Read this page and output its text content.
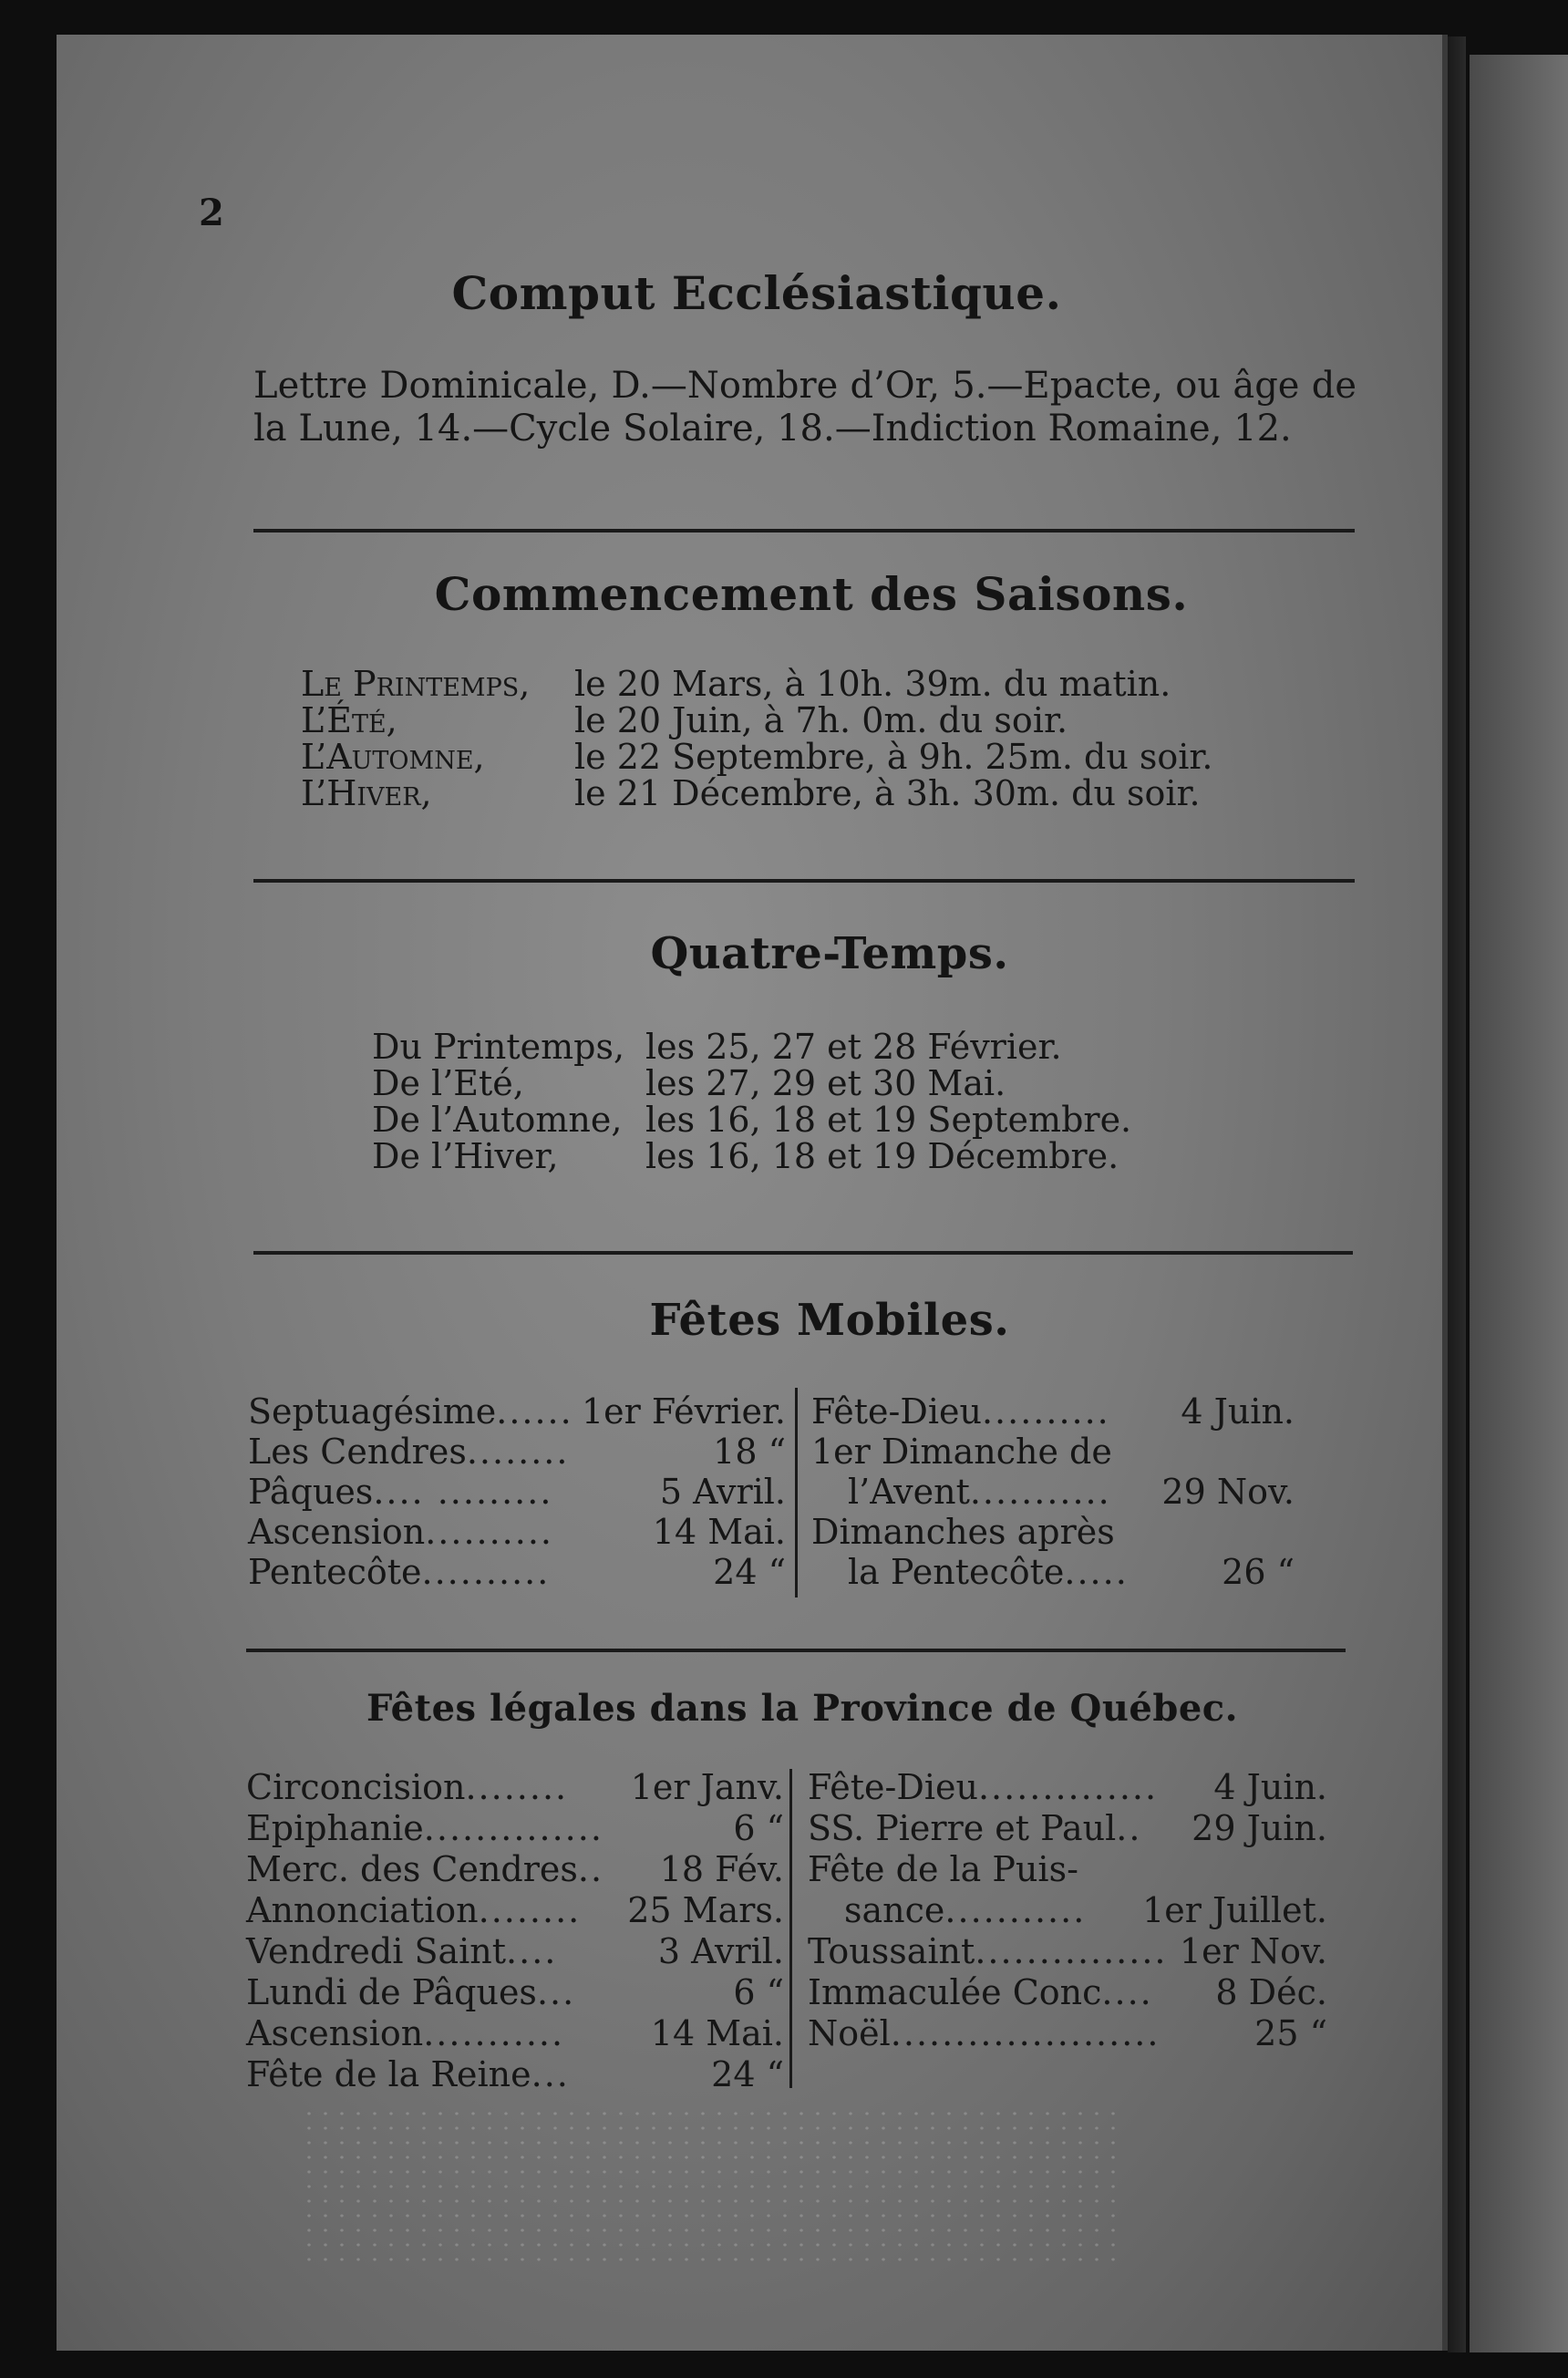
2
Comput Ecclésiastique.
Lettre Dominicale, D.—Nombre d’Or, 5.—Epacte, ou âge de la Lune, 14.—Cycle Solaire, 18.—Indiction Romaine, 12.
Commencement des Saisons.
Le Printemps,	le 20 Mars, à 10h. 39m. du matin.
L’Été,	le 20 Juin, à 7h. 0m. du soir.
L’Automne,	le 22 Septembre, à 9h. 25m. du soir.
L’Hiver,	le 21 Décembre, à 3h. 30m. du soir.
Quatre-Temps.
Du Printemps, les 25, 27 et 28 Février.
De l’Eté,	les 27, 29 et 30 Mai.
De l’Automne, les 16, 18 et 19 Septembre.
De l’Hiver,	les 16, 18 et 19 Décembre.
Fêtes Mobiles.
Septuagésime ...... 1er Février.
Les Cendres ........	18 “
Pâques .... .........	5 Avril.
Ascension ..........	14 Mai.
Pentecôte ..........	24 “
Fête-Dieu ..........	4 Juin.
1er Dimanche de
l’Avent ...........	29 Nov.
Dimanches après
la Pentecôte .....	26 “
Fêtes légales dans la Province de Québec.
Circoncision ........	1er Janv.
Epiphanie ..............	6 “
Merc. des Cendres ..	18 Fév.
Annonciation ........	25 Mars.
Vendredi Saint ....	3 Avril.
Lundi de Pâques ...	6 “
Ascension ...........	14 Mai.
Fête de la Reine ...	24 “
Fête-Dieu ..............	4 Juin.
SS. Pierre et Paul ..	29 Juin.
Fête de la Puis-
sance ...........	1er Juillet.
Toussaint ............... 1er Nov.
Immaculée Conc ....	8 Déc.
Noël .....................	25 “
